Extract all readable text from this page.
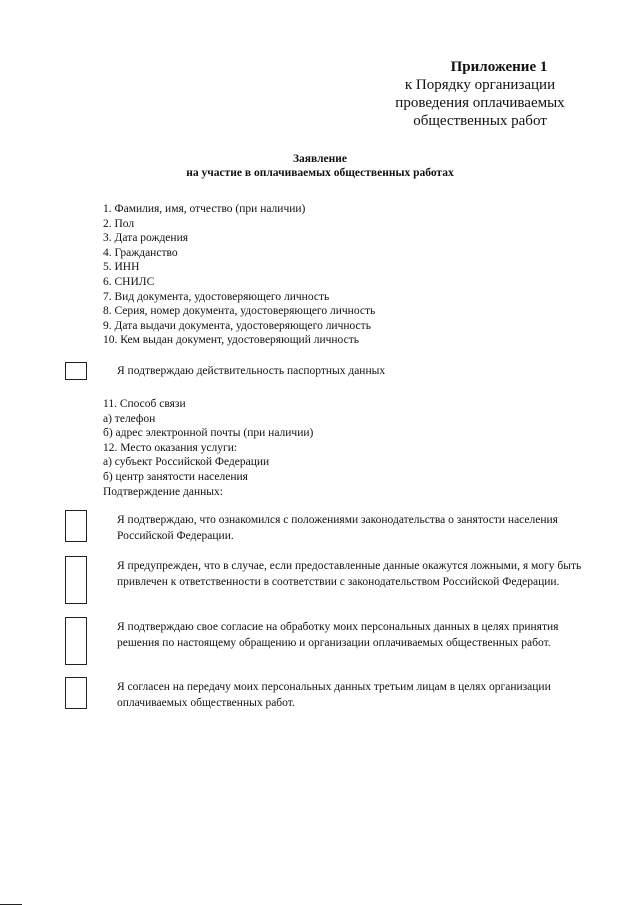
Приложение 1
к Порядку организации
проведения оплачиваемых
общественных работ
Заявление
на участие в оплачиваемых общественных работах
1. Фамилия, имя, отчество (при наличии)
2. Пол
3. Дата рождения
4. Гражданство
5. ИНН
6. СНИЛС
7. Вид документа, удостоверяющего личность
8. Серия, номер документа, удостоверяющего личность
9. Дата выдачи документа, удостоверяющего личность
10. Кем выдан документ, удостоверяющий личность
Я подтверждаю действительность паспортных данных
11. Способ связи
а) телефон
б) адрес электронной почты (при наличии)
12. Место оказания услуги:
а) субъект Российской Федерации
б) центр занятости населения
Подтверждение данных:
Я подтверждаю, что ознакомился с положениями законодательства о занятости населения Российской Федерации.
Я предупрежден, что в случае, если предоставленные данные окажутся ложными, я могу быть привлечен к ответственности в соответствии с законодательством Российской Федерации.
Я подтверждаю свое согласие на обработку моих персональных данных в целях принятия решения по настоящему обращению и организации оплачиваемых общественных работ.
Я согласен на передачу моих персональных данных третьим лицам в целях организации оплачиваемых общественных работ.
